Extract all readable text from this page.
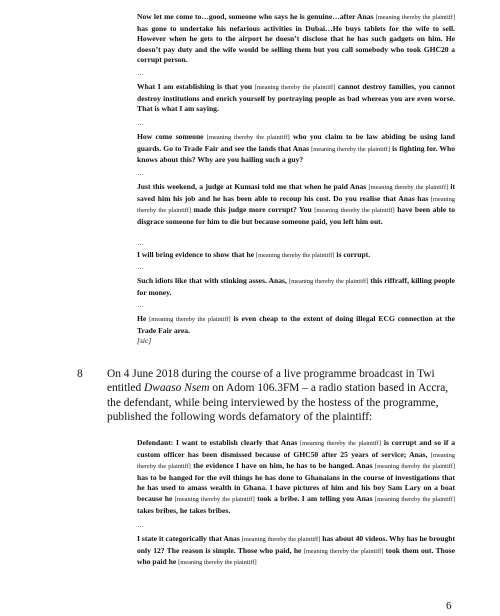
Now let me come to…good, someone who says he is genuine…after Anas [meaning thereby the plaintiff] has gone to undertake his nefarious activities in Dubai…He buys tablets for the wife to sell. However when he gets to the airport he doesn’t disclose that he has such gadgets on him. He doesn’t pay duty and the wife would be selling them but you call somebody who took GHC20 a corrupt person.

…

What I am establishing is that you [meaning thereby the plaintiff] cannot destroy families, you cannot destroy institutions and enrich yourself by portraying people as bad whereas you are even worse. That is what I am saying.

…

How come someone [meaning thereby the plaintiff] who you claim to be law abiding be using land guards. Go to Trade Fair and see the lands that Anas [meaning thereby the plaintiff] is fighting for. Who knows about this? Why are you hailing such a guy?

…

Just this weekend, a judge at Kumasi told me that when he paid Anas [meaning thereby the plaintiff] it saved him his job and he has been able to recoup his cost. Do you realise that Anas has [meaning thereby the plaintiff] made this judge more corrupt? You [meaning thereby the plaintiff] have been able to disgrace someone for him to die but because someone paid, you left him out.

…

I will bring evidence to show that he [meaning thereby the plaintiff] is corrupt.

…

Such idiots like that with stinking asses. Anas, [meaning thereby the plaintiff] this riffraff, killing people for money.

…

He [meaning thereby the plaintiff] is even cheap to the extent of doing illegal ECG connection at the Trade Fair area.
[sic]

8 On 4 June 2018 during the course of a live programme broadcast in Twi entitled Dwaaso Nsem on Adom 106.3FM – a radio station based in Accra, the defendant, while being interviewed by the hostess of the programme, published the following words defamatory of the plaintiff:

Defendant: I want to establish clearly that Anas [meaning thereby the plaintiff] is corrupt and so if a custom officer has been dismissed because of GHC50 after 25 years of service; Anas, [meaning thereby the plaintiff] the evidence I have on him, he has to be hanged. Anas [meaning thereby the plaintiff] has to be hanged for the evil things he has done to Ghanaians in the course of investigations that he has used to amass wealth in Ghana. I have pictures of him and his boy Sam Lary on a boat because he [meaning thereby the plaintiff] took a bribe. I am telling you Anas [meaning thereby the plaintiff] takes bribes, he takes bribes.

…

I state it categorically that Anas [meaning thereby the plaintiff] has about 40 videos. Why has he brought only 12? The reason is simple. Those who paid, he [meaning thereby the plaintiff] took them out. Those who paid he [meaning thereby the plaintiff]

6
